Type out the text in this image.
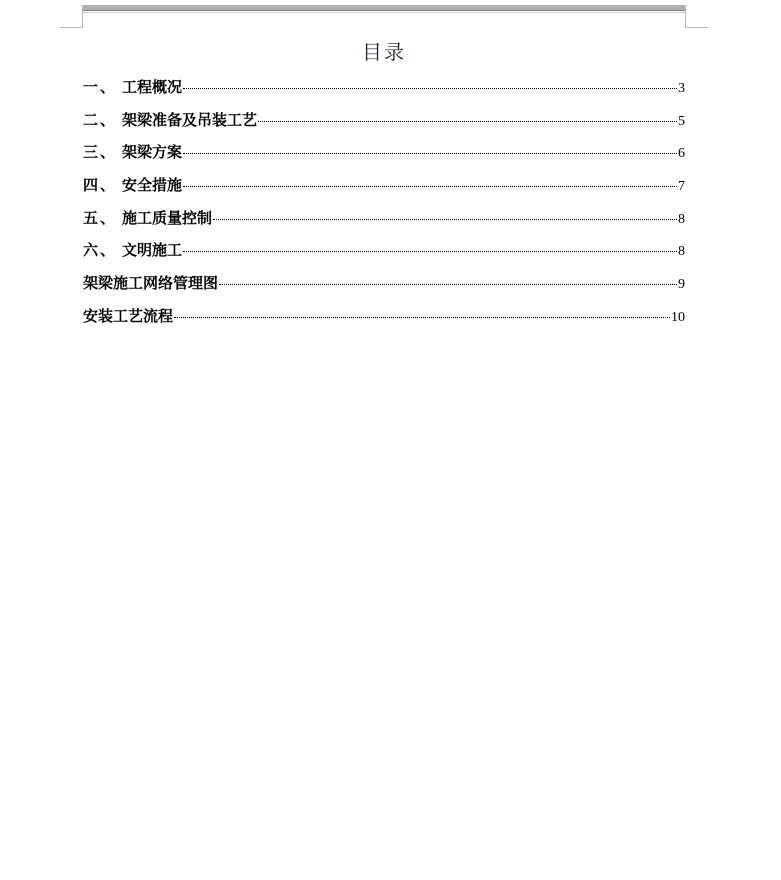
目录
一 、 工程概况	3
二 、 架梁准备及吊装工艺	5
三 、 架梁方案	6
四 、 安全措施	7
五 、 施工质量控制	8
六 、 文明施工	8
架梁施工网络管理图	9
安装工艺流程	10
